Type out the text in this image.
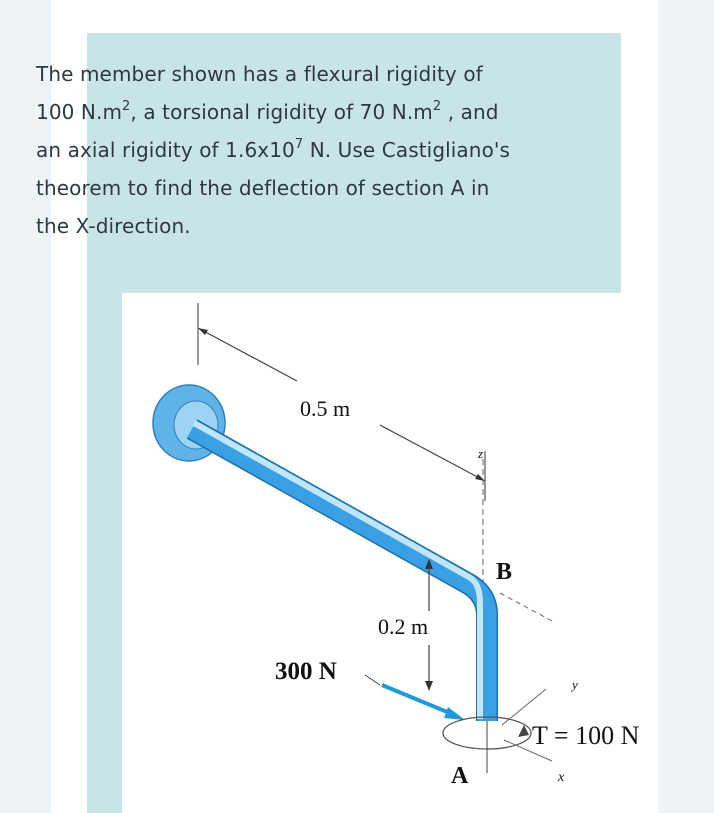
The member shown has a flexural rigidity of 100 $N.m^2$, a torsional rigidity of 70 $N.m^2$ , and an axial rigidity of $1.6x10^7$ N. Use Castigliano's theorem to find the deflection of section A in the X-direction.

0.5 m
z
B
0.2 m
300 N	y
x
T = 100 N
A
